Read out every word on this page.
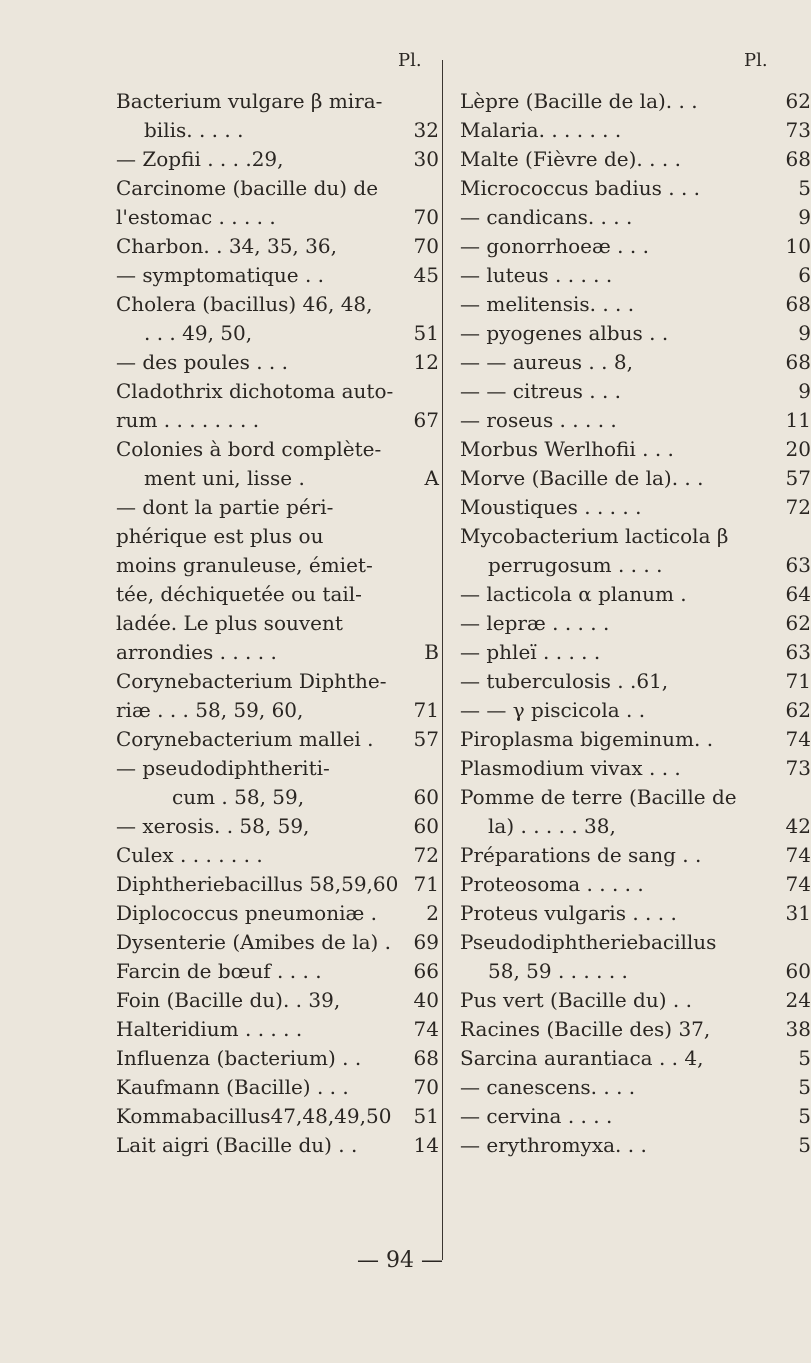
Pl.
Bacterium vulgare β mira-
bilis. . . . .	32
— Zopfii . . . .29,	30
Carcinome (bacille du) de
l'estomac . . . . .	70
Charbon. . 34, 35, 36,	70
— symptomatique . .	45
Cholera (bacillus) 46, 48,
. . . 49, 50,	51
— des poules . . .	12
Cladothrix dichotoma auto-
rum . . . . . . . .	67
Colonies à bord complète-
ment uni, lisse .	A
— dont la partie péri-
phérique est plus ou
moins granuleuse, émiet-
tée, déchiquetée ou tail-
ladée. Le plus souvent
arrondies . . . . .	B
Corynebacterium Diphthe-
riæ . . . 58, 59, 60,	71
Corynebacterium mallei .	57
— pseudodiphtheriti-
cum . 58, 59,	60
— xerosis. . 58, 59,	60
Culex . . . . . . .	72
Diphtheriebacillus 58,59,60 71
Diplococcus pneumoniæ .	2
Dysenterie (Amibes de la) .	69
Farcin de bœuf . . . .	66
Foin (Bacille du). . 39,	40
Halteridium . . . . .	74
Influenza (bacterium) . .	68
Kaufmann (Bacille) . . .	70
Kommabacillus47,48,49,50	51
Lait aigri (Bacille du) . .	14
Pl.
Lèpre (Bacille de la). . .	62
Malaria. . . . . . .	73
Malte (Fièvre de). . . .	68
Micrococcus badius . . .	5
— candicans. . . .	9
— gonorrhoeæ . . .	10
— luteus . . . . .	6
— melitensis. . . .	68
— pyogenes albus . .	9
— — aureus . . 8,	68
— — citreus . . .	9
— roseus . . . . .	11
Morbus Werlhofii . . .	20
Morve (Bacille de la). . .	57
Moustiques . . . . .	72
Mycobacterium lacticola β
perrugosum . . . .	63
— lacticola α planum .	64
— lepræ . . . . .	62
— phleï . . . . .	63
— tuberculosis . .61,	71
— — γ piscicola . .	62
Piroplasma bigeminum. .	74
Plasmodium vivax . . .	73
Pomme de terre (Bacille de
la) . . . . . 38,	42
Préparations de sang . .	74
Proteosoma . . . . .	74
Proteus vulgaris . . . .	31
Pseudodiphtheriebacillus
58, 59 . . . . . .	60
Pus vert (Bacille du) . .	24
Racines (Bacille des) 37,	38
Sarcina aurantiaca . . 4,	5
— canescens. . . .	5
— cervina . . . .	5
— erythromyxa. . .	5
— 94 —
